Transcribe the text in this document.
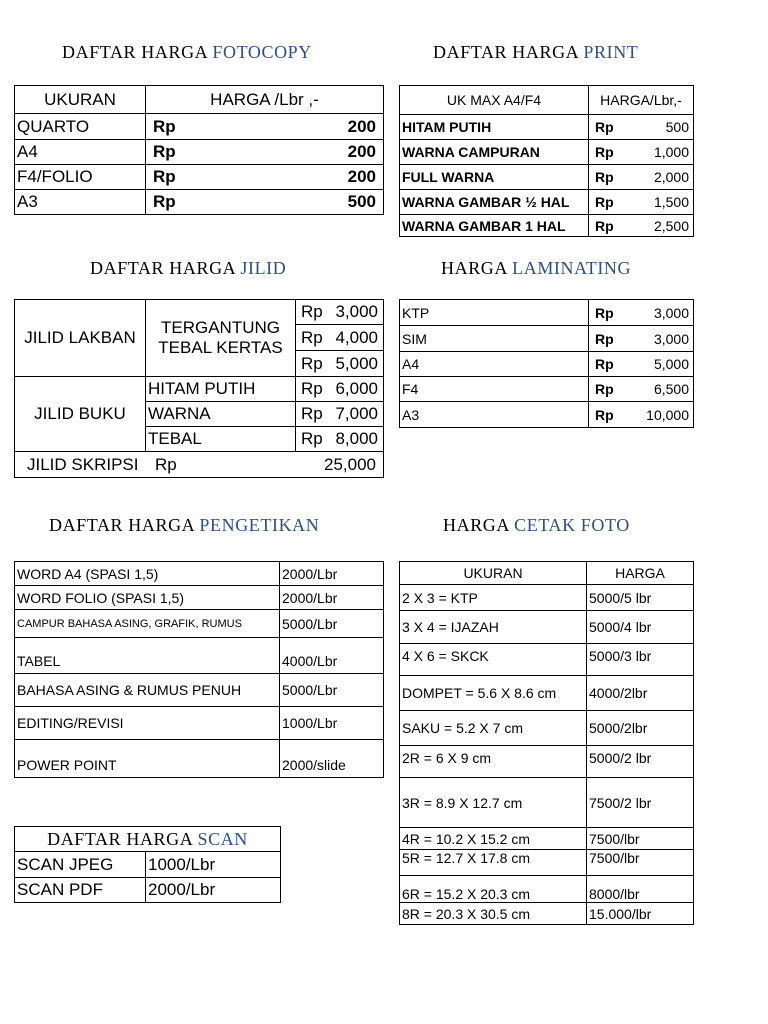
DAFTAR HARGA FOTOCOPY
UKURAN	HARGA /Lbr ,-
QUARTO	Rp 200

A4	Rp 200

F4/FOLIO	Rp 200

A3	Rp 500
DAFTAR HARGA PRINT
UK MAX A4/F4	HARGA/Lbr,-
HITAM PUTIH	Rp 500

WARNA CAMPURAN	Rp 1,000

FULL WARNA	Rp 2,000

WARNA GAMBAR ½ HAL	Rp 1,500

WARNA GAMBAR 1 HAL	Rp 2,500
DAFTAR HARGA JILID
JILID LAKBAN	TERGANTUNG TEBAL KERTAS	Rp 3,000

		Rp 4,000

		Rp 5,000

JILID BUKU	HITAM PUTIH	Rp 6,000

	WARNA	Rp 7,000

	TEBAL	Rp 8,000

JILID SKRIPSI Rp 25,000		
HARGA LAMINATING
KTP	Rp 3,000

SIM	Rp 3,000

A4	Rp 5,000

F4	Rp 6,500

A3	Rp 10,000
DAFTAR HARGA PENGETIKAN
WORD A4 (SPASI 1,5)	2000/Lbr
WORD FOLIO (SPASI 1,5)	2000/Lbr
CAMPUR BAHASA ASING, GRAFIK, RUMUS	5000/Lbr
TABEL	4000/Lbr
BAHASA ASING & RUMUS PENUH	5000/Lbr
EDITING/REVISI	1000/Lbr
POWER POINT	2000/slide
HARGA CETAK FOTO
UKURAN	HARGA
2 X 3 = KTP	5000/5 lbr
3 X 4 = IJAZAH	5000/4 lbr
4 X 6 = SKCK	5000/3 lbr
DOMPET = 5.6 X 8.6 cm	4000/2lbr
SAKU = 5.2 X 7 cm	5000/2lbr
2R = 6 X 9 cm	5000/2 lbr
3R = 8.9 X 12.7 cm	7500/2 lbr
4R = 10.2 X 15.2 cm	7500/lbr
5R = 12.7 X 17.8 cm	7500/lbr
6R = 15.2 X 20.3 cm	8000/lbr
8R = 20.3 X 30.5 cm	15.000/lbr
DAFTAR HARGA SCAN	
SCAN JPEG	1000/Lbr
SCAN PDF	2000/Lbr
